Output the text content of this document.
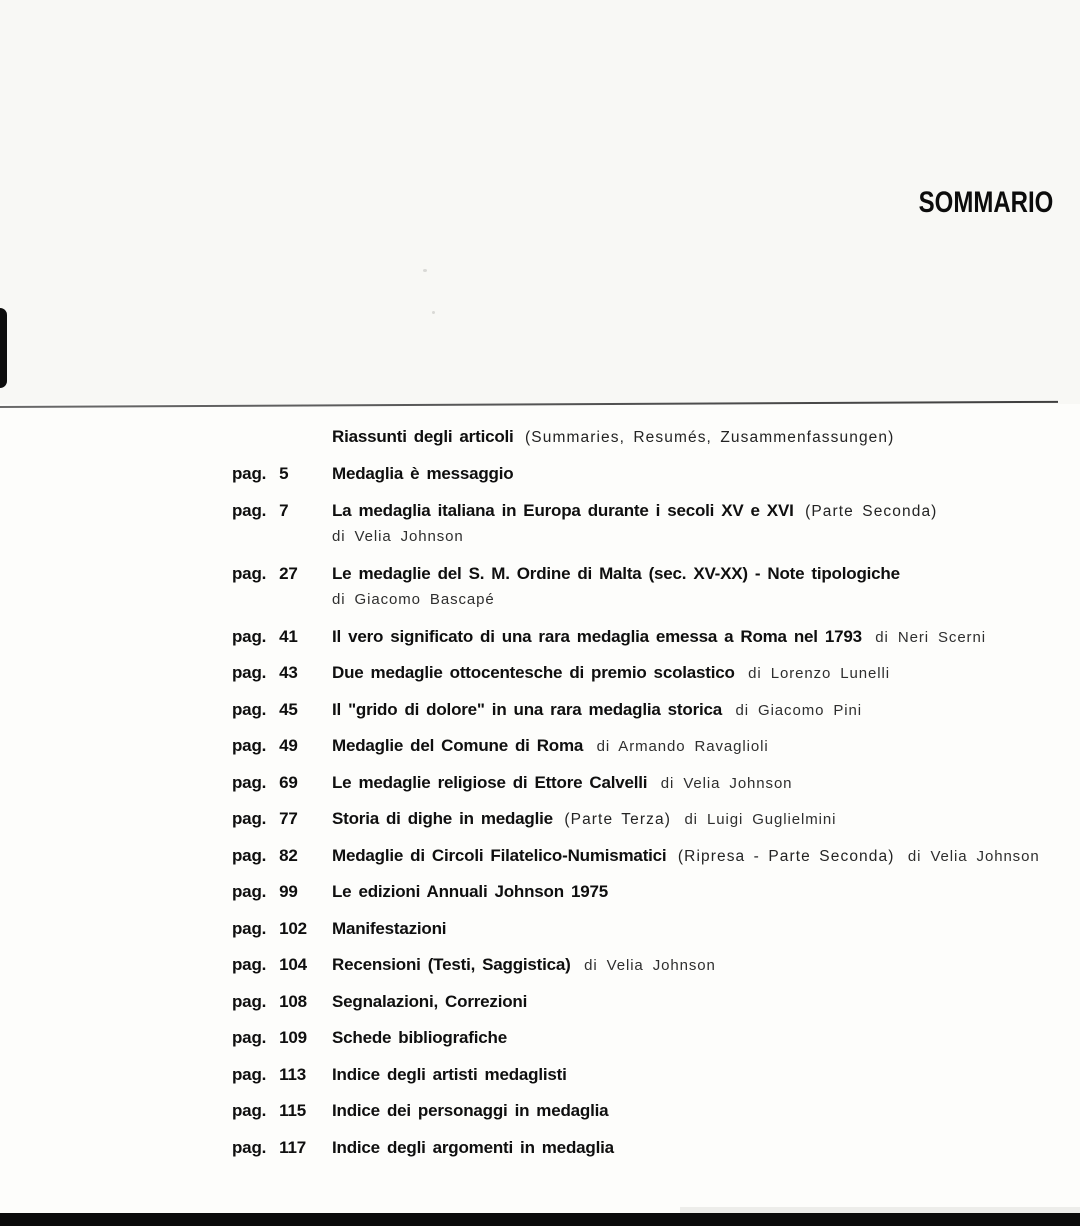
SOMMARIO
Riassunti degli articoli (Summaries, Resumés, Zusammenfassungen)
pag. 5	Medaglia è messaggio
pag. 7	La medaglia italiana in Europa durante i secoli XV e XVI (Parte Seconda)
di Velia Johnson
pag. 27 Le medaglie del S. M. Ordine di Malta (sec. XV-XX) - Note tipologiche
di Giacomo Bascapé
pag. 41 Il vero significato di una rara medaglia emessa a Roma nel 1793 di Neri Scerni
pag. 43 Due medaglie ottocentesche di premio scolastico di Lorenzo Lunelli
pag. 45 Il "grido di dolore" in una rara medaglia storica di Giacomo Pini
pag. 49 Medaglie del Comune di Roma di Armando Ravaglioli
pag. 69 Le medaglie religiose di Ettore Calvelli di Velia Johnson
pag. 77 Storia di dighe in medaglie (Parte Terza) di Luigi Guglielmini
pag. 82 Medaglie di Circoli Filatelico-Numismatici (Ripresa - Parte Seconda) di Velia Johnson
pag. 99 Le edizioni Annuali Johnson 1975
pag. 102 Manifestazioni
pag. 104 Recensioni (Testi, Saggistica) di Velia Johnson
pag. 108 Segnalazioni, Correzioni
pag. 109 Schede bibliografiche
pag. 113 Indice degli artisti medaglisti
pag. 115 Indice dei personaggi in medaglia
pag. 117 Indice degli argomenti in medaglia
